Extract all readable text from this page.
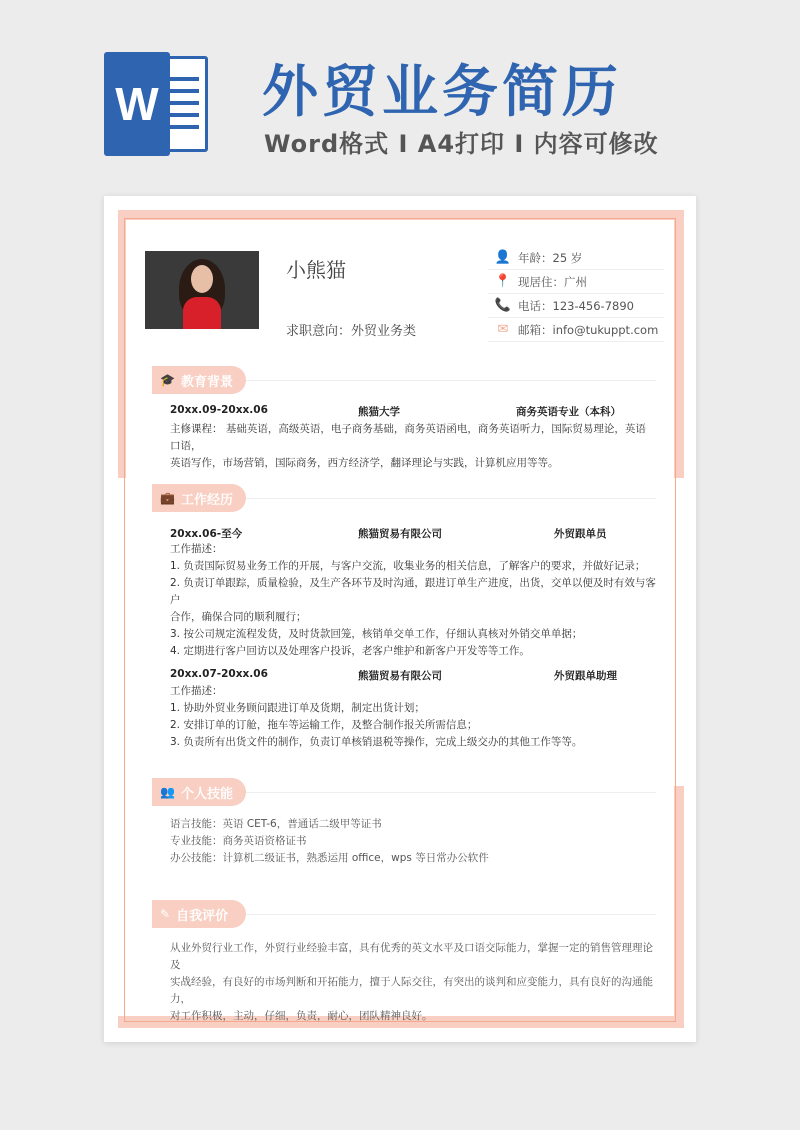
W 外贸业务简历
Word格式 I A4打印 I 内容可修改
小熊猫
求职意向：外贸业务类
👤 年龄：25 岁
📍 现居住：广州
📞 电话：123-456-7890
✉ 邮箱：info@tukuppt.com
🎓 教育背景
20xx.09-20xx.06	熊猫大学	商务英语专业（本科）
主修课程： 基础英语，高级英语，电子商务基础，商务英语函电，商务英语听力，国际贸易理论，英语口语，
英语写作，市场营销，国际商务，西方经济学，翻译理论与实践，计算机应用等等。
💼 工作经历
20xx.06-至今	熊猫贸易有限公司	外贸跟单员
工作描述：
1. 负责国际贸易业务工作的开展，与客户交流，收集业务的相关信息，了解客户的要求，并做好记录；
2. 负责订单跟踪，质量检验，及生产各环节及时沟通，跟进订单生产进度，出货，交单以便及时有效与客户
合作，确保合同的顺利履行；
3. 按公司规定流程发货，及时货款回笼，核销单交单工作，仔细认真核对外销交单单据；
4. 定期进行客户回访以及处理客户投诉，老客户维护和新客户开发等等工作。
20xx.07-20xx.06	熊猫贸易有限公司	外贸跟单助理
工作描述：
1. 协助外贸业务顾问跟进订单及货期，制定出货计划；
2. 安排订单的订舱，拖车等运输工作，及整合制作报关所需信息；
3. 负责所有出货文件的制作，负责订单核销退税等操作，完成上级交办的其他工作等等。
👥 个人技能
语言技能：英语 CET-6，普通话二级甲等证书
专业技能：商务英语资格证书
办公技能：计算机二级证书，熟悉运用 office，wps 等日常办公软件
✎ 自我评价
从业外贸行业工作，外贸行业经验丰富，具有优秀的英文水平及口语交际能力，掌握一定的销售管理理论及
实战经验，有良好的市场判断和开拓能力，擅于人际交往，有突出的谈判和应变能力，具有良好的沟通能力，
对工作积极，主动，仔细，负责，耐心，团队精神良好。
